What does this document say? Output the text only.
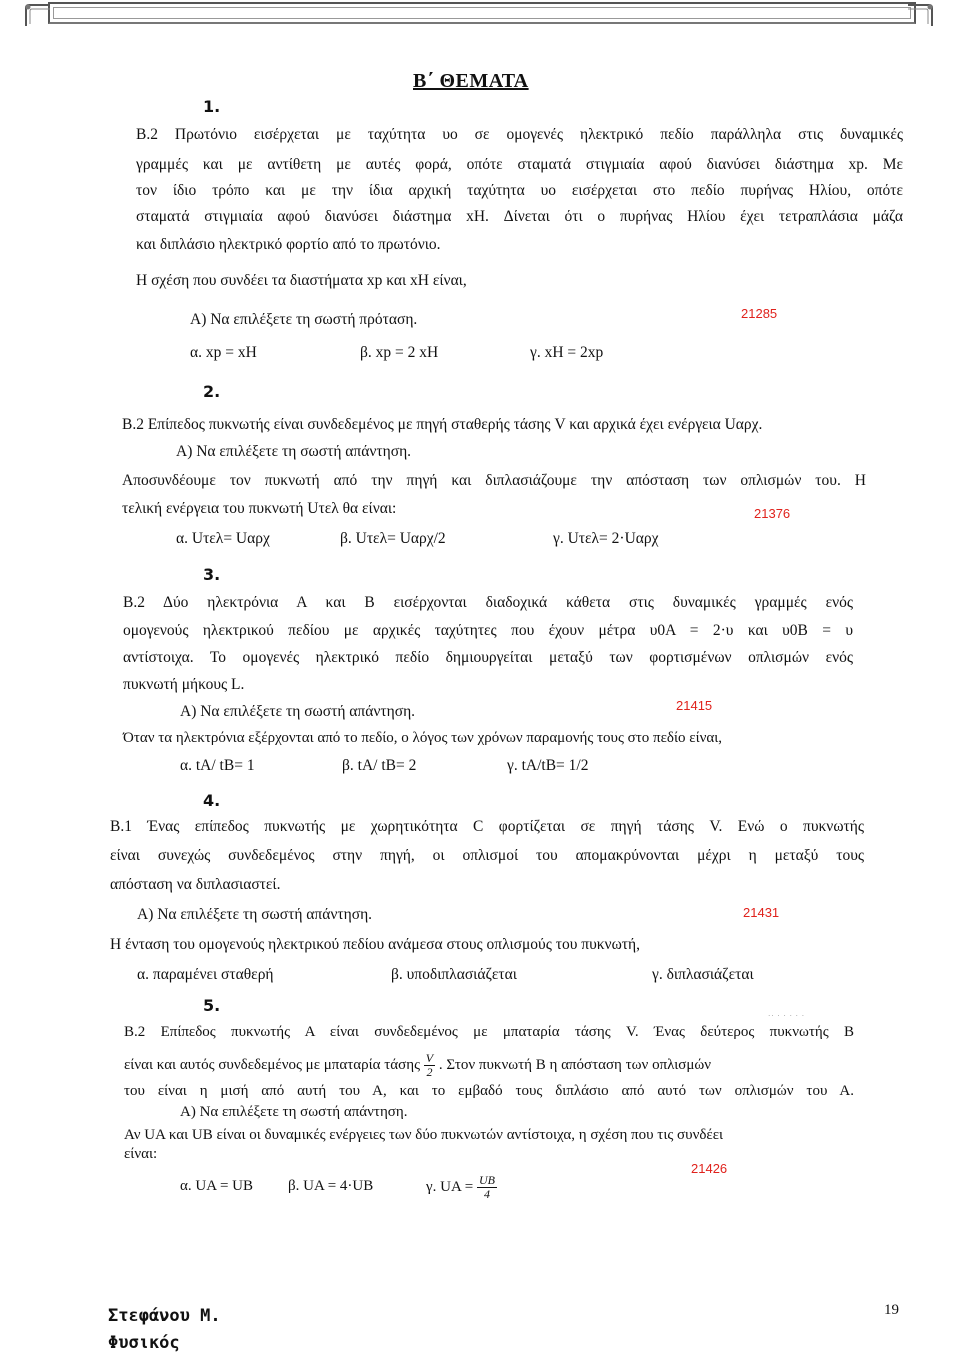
Β΄ ΘΕΜΑΤΑ
1.
Β.2 Πρωτόνιο εισέρχεται με ταχύτητα υο σε ομογενές ηλεκτρικό πεδίο παράλληλα στις δυναμικές
γραμμές και με αντίθετη με αυτές φορά, οπότε σταματά στιγμιαία αφού διανύσει διάστημα xp. Με
τον ίδιο τρόπο και με την ίδια αρχική ταχύτητα υο εισέρχεται στο πεδίο πυρήνας Ηλίου, οπότε
σταματά στιγμιαία αφού διανύσει διάστημα xH. Δίνεται ότι ο πυρήνας Ηλίου έχει τετραπλάσια μάζα
και διπλάσιο ηλεκτρικό φορτίο από το πρωτόνιο.
Η σχέση που συνδέει τα διαστήματα xp και xH είναι,
Α) Να επιλέξετε τη σωστή πρόταση.	21285
α. xp = xH	β. xp = 2 xH	γ. xH = 2xp
2.
Β.2 Επίπεδος πυκνωτής είναι συνδεδεμένος με πηγή σταθερής τάσης V και αρχικά έχει ενέργεια Uαρχ.
Α) Να επιλέξετε τη σωστή απάντηση.
Αποσυνδέουμε τον πυκνωτή από την πηγή και διπλασιάζουμε την απόσταση των οπλισμών του. Η
τελική ενέργεια του πυκνωτή Uτελ θα είναι:	21376
α. Uτελ= Uαρχ	β. Uτελ= Uαρχ/2	γ. Uτελ= 2·Uαρχ
3.
Β.2 Δύο ηλεκτρόνια Α και Β εισέρχονται διαδοχικά κάθετα στις δυναμικές γραμμές ενός
ομογενούς ηλεκτρικού πεδίου με αρχικές ταχύτητες που έχουν μέτρα υ0Α = 2·υ και υ0Β = υ
αντίστοιχα. Το ομογενές ηλεκτρικό πεδίο δημιουργείται μεταξύ των φορτισμένων οπλισμών ενός
πυκνωτή μήκους L.
Α) Να επιλέξετε τη σωστή απάντηση.	21415
Όταν τα ηλεκτρόνια εξέρχονται από το πεδίο, ο λόγος των χρόνων παραμονής τους στο πεδίο είναι,
α. tA/ tB= 1	β. tA/ tB= 2	γ. tA/tB= 1/2
4.
Β.1 Ένας επίπεδος πυκνωτής με χωρητικότητα C φορτίζεται σε πηγή τάσης V. Ενώ ο πυκνωτής
είναι συνεχώς συνδεδεμένος στην πηγή, οι οπλισμοί του απομακρύνονται μέχρι η μεταξύ τους
απόσταση να διπλασιαστεί.
Α) Να επιλέξετε τη σωστή απάντηση.	21431
Η ένταση του ομογενούς ηλεκτρικού πεδίου ανάμεσα στους οπλισμούς του πυκνωτή,
α. παραμένει σταθερή	β. υποδιπλασιάζεται	γ. διπλασιάζεται
5.
·· · · · · ·
Β.2 Επίπεδος πυκνωτής Α είναι συνδεδεμένος με μπαταρία τάσης V. Ένας δεύτερος πυκνωτής Β
είναι και αυτός συνδεδεμένος με μπαταρία τάσης $\frac{V}{2}$ . Στον πυκνωτή Β η απόσταση των οπλισμών
του είναι η μισή από αυτή του Α, και το εμβαδό τους διπλάσιο από αυτό των οπλισμών του Α.
Α) Να επιλέξετε τη σωστή απάντηση.
Αν UΑ και UΒ είναι οι δυναμικές ενέργειες των δύο πυκνωτών αντίστοιχα, η σχέση που τις συνδέει
είναι:
21426
α. UΑ = UΒ β. UΑ = 4·UΒ	γ. $UA = \frac{UB}{4}$
Στεφάνου Μ.
Φυσικός
19
